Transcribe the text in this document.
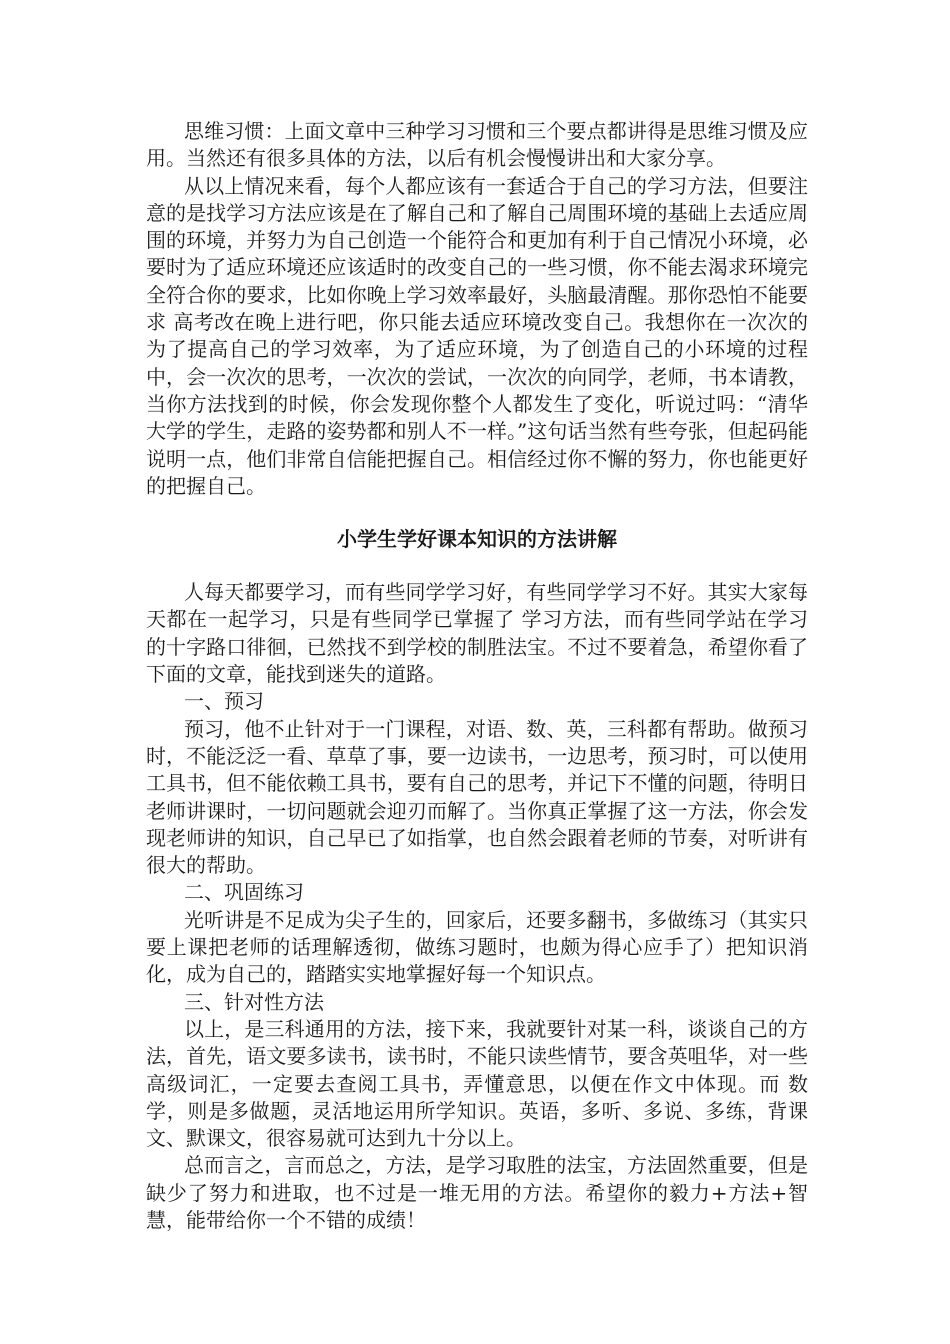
思维习惯：上面文章中三种学习习惯和三个要点都讲得是思维习惯及应用。当然还有很多具体的方法，以后有机会慢慢讲出和大家分享。

从以上情况来看，每个人都应该有一套适合于自己的学习方法，但要注意的是找学习方法应该是在了解自己和了解自己周围环境的基础上去适应周围的环境，并努力为自己创造一个能符合和更加有利于自己情况小环境，必要时为了适应环境还应该适时的改变自己的一些习惯，你不能去渴求环境完全符合你的要求，比如你晚上学习效率最好，头脑最清醒。那你恐怕不能要求 高考改在晚上进行吧，你只能去适应环境改变自己。我想你在一次次的为了提高自己的学习效率，为了适应环境，为了创造自己的小环境的过程中，会一次次的思考，一次次的尝试，一次次的向同学，老师，书本请教，当你方法找到的时候，你会发现你整个人都发生了变化，听说过吗：“清华大学的学生，走路的姿势都和别人不一样。”这句话当然有些夸张，但起码能说明一点，他们非常自信能把握自己。相信经过你不懈的努力，你也能更好的把握自己。

小学生学好课本知识的方法讲解

人每天都要学习，而有些同学学习好，有些同学学习不好。其实大家每天都在一起学习，只是有些同学已掌握了 学习方法，而有些同学站在学习的十字路口徘徊，已然找不到学校的制胜法宝。不过不要着急，希望你看了下面的文章，能找到迷失的道路。

一、预习

预习，他不止针对于一门课程，对语、数、英，三科都有帮助。做预习时，不能泛泛一看、草草了事，要一边读书，一边思考，预习时，可以使用工具书，但不能依赖工具书，要有自己的思考，并记下不懂的问题，待明日老师讲课时，一切问题就会迎刃而解了。当你真正掌握了这一方法，你会发现老师讲的知识，自己早已了如指掌，也自然会跟着老师的节奏，对听讲有很大的帮助。

二、巩固练习

光听讲是不足成为尖子生的，回家后，还要多翻书，多做练习（其实只要上课把老师的话理解透彻，做练习题时，也颇为得心应手了）把知识消化，成为自己的，踏踏实实地掌握好每一个知识点。

三、针对性方法

以上，是三科通用的方法，接下来，我就要针对某一科，谈谈自己的方法，首先，语文要多读书，读书时，不能只读些情节，要含英咀华，对一些高级词汇，一定要去查阅工具书，弄懂意思，以便在作文中体现。而 数学，则是多做题，灵活地运用所学知识。英语，多听、多说、多练，背课文、默课文，很容易就可达到九十分以上。

总而言之，言而总之，方法，是学习取胜的法宝，方法固然重要，但是缺少了努力和进取，也不过是一堆无用的方法。希望你的毅力+方法+智慧，能带给你一个不错的成绩！
